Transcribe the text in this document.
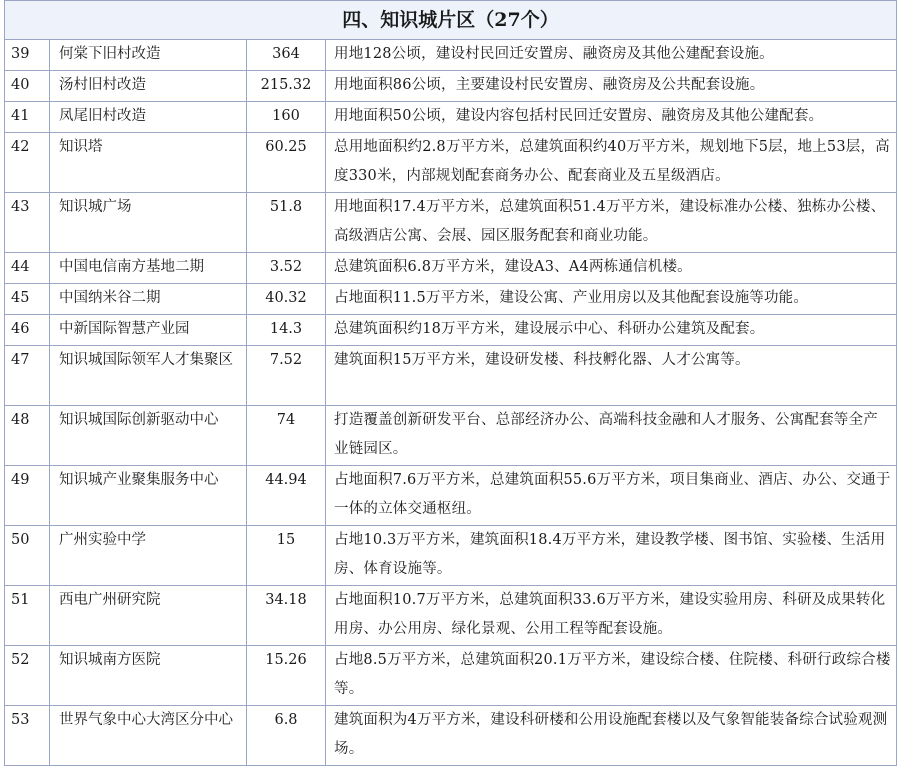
四、知识城片区（27个）			
39	何棠下旧村改造	364	用地128公顷，建设村民回迁安置房、融资房及其他公建配套设施。
40	汤村旧村改造	215.32	用地面积86公顷，主要建设村民安置房、融资房及公共配套设施。
41	凤尾旧村改造	160	用地面积50公顷，建设内容包括村民回迁安置房、融资房及其他公建配套。
42	知识塔	60.25	总用地面积约2.8万平方米，总建筑面积约40万平方米，规划地下5层，地上53层，高度330米，内部规划配套商务办公、配套商业及五星级酒店。
43	知识城广场	51.8	用地面积17.4万平方米，总建筑面积51.4万平方米，建设标准办公楼、独栋办公楼、高级酒店公寓、会展、园区服务配套和商业功能。
44	中国电信南方基地二期	3.52	总建筑面积6.8万平方米，建设A3、A4两栋通信机楼。
45	中国纳米谷二期	40.32	占地面积11.5万平方米，建设公寓、产业用房以及其他配套设施等功能。
46	中新国际智慧产业园	14.3	总建筑面积约18万平方米，建设展示中心、科研办公建筑及配套。
47	知识城国际领军人才集聚区	7.52	建筑面积15万平方米，建设研发楼、科技孵化器、人才公寓等。
48	知识城国际创新驱动中心	74	打造覆盖创新研发平台、总部经济办公、高端科技金融和人才服务、公寓配套等全产业链园区。
49	知识城产业聚集服务中心	44.94	占地面积7.6万平方米，总建筑面积55.6万平方米，项目集商业、酒店、办公、交通于一体的立体交通枢纽。
50	广州实验中学	15	占地10.3万平方米，建筑面积18.4万平方米，建设教学楼、图书馆、实验楼、生活用房、体育设施等。
51	西电广州研究院	34.18	占地面积10.7万平方米，总建筑面积33.6万平方米，建设实验用房、科研及成果转化用房、办公用房、绿化景观、公用工程等配套设施。
52	知识城南方医院	15.26	占地8.5万平方米，总建筑面积20.1万平方米，建设综合楼、住院楼、科研行政综合楼等。
53	世界气象中心大湾区分中心	6.8	建筑面积为4万平方米，建设科研楼和公用设施配套楼以及气象智能装备综合试验观测场。
